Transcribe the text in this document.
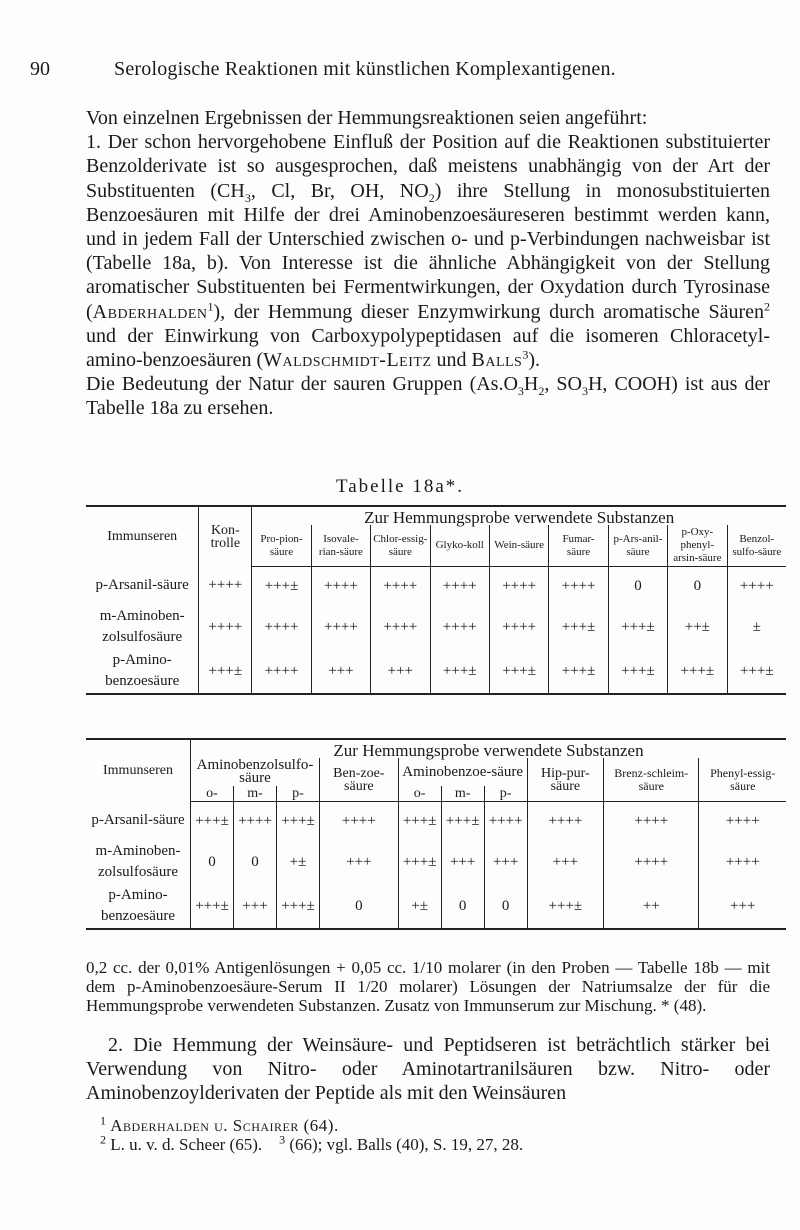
90	Serologische Reaktionen mit künstlichen Komplexantigenen.

Von einzelnen Ergebnissen der Hemmungsreaktionen seien angeführt:

1. Der schon hervorgehobene Einfluß der Position auf die Reaktionen substituierter Benzolderivate ist so ausgesprochen, daß meistens unabhängig von der Art der Substituenten ($CH_3$, Cl, Br, OH, $NO_2$) ihre Stellung in monosubstituierten Benzoesäuren mit Hilfe der drei Aminobenzoesäureseren bestimmt werden kann, und in jedem Fall der Unterschied zwischen o- und p-Verbindungen nachweisbar ist (Tabelle 18a, b). Von Interesse ist die ähnliche Abhängigkeit von der Stellung aromatischer Substituenten bei Fermentwirkungen, der Oxydation durch Tyrosinase (Abderhalden$^1$), der Hemmung dieser Enzymwirkung durch aromatische Säuren$^2$ und der Einwirkung von Carboxypolypeptidasen auf die isomeren Chloracetyl-amino-benzoesäuren (Waldschmidt-Leitz und Balls$^3$).

Die Bedeutung der Natur der sauren Gruppen ($As.O_3H_2$, $SO_3H$, COOH) ist aus der Tabelle 18a zu ersehen.

Tabelle 18a*.
Immunseren	Kon-trolle	Zur Hemmungsprobe verwendete Substanzen								
		Pro-pion-säure	Isovale-rian-säure	Chlor-essig-säure	Glyko-koll	Wein-säure	Fumar-säure	p-Ars-anil-säure	p-Oxy-phenyl-arsin-säure	Benzol-sulfo-säure
p-Arsanil-säure	++++	+++±	++++	++++	++++	++++	++++	0	0	++++
m-Aminoben-zolsulfosäure	++++	++++	++++	++++	++++	++++	+++±	+++±	++±	±
p-Amino-benzoesäure	+++±	++++	+++	+++	+++±	+++±	+++±	+++±	+++±	+++±
Immunseren	Zur Hemmungsprobe verwendete Substanzen									
	Aminobenzolsulfo-säure			Ben-zoe-säure	Aminobenzoe-säure			Hip-pur-säure	Brenz-schleim-säure	Phenyl-essig-säure
	o-	m-	p-		o-	m-	p-			
p-Arsanil-säure	+++±	++++	+++±	++++	+++±	+++±	++++	++++	++++	++++
m-Aminoben-zolsulfosäure	0	0	+±	+++	+++±	+++	+++	+++	++++	++++
p-Amino-benzoesäure	+++±	+++	+++±	0	+±	0	0	+++±	++	+++
0,2 cc. der 0,01% Antigenlösungen + 0,05 cc. 1/10 molarer (in den Proben — Tabelle 18b — mit dem p-Aminobenzoesäure-Serum II 1/20 molarer) Lösungen der Natriumsalze der für die Hemmungsprobe verwendeten Substanzen. Zusatz von Immunserum zur Mischung. * (48).

2. Die Hemmung der Weinsäure- und Peptidseren ist beträchtlich stärker bei Verwendung von Nitro- oder Aminotartranilsäuren bzw. Nitro- oder Aminobenzoylderivaten der Peptide als mit den Weinsäuren

$^1$ Abderhalden u. Schairer (64).
$^2$ L. u. v. d. Scheer (65). $^3$ (66); vgl. Balls (40), S. 19, 27, 28.
